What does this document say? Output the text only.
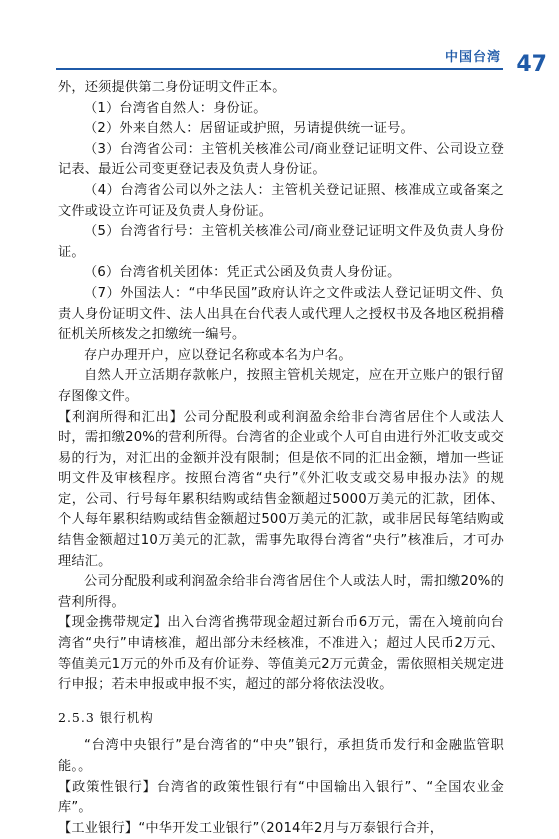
中国台湾 47

外，还须提供第二身份证明文件正本。

（1）台湾省自然人：身份证。

（2）外来自然人：居留证或护照，另请提供统一证号。

（3）台湾省公司：主管机关核准公司/商业登记证明文件、公司设立登记表、最近公司变更登记表及负责人身份证。

（4）台湾省公司以外之法人：主管机关登记证照、核准成立或备案之文件或设立许可证及负责人身份证。

（5）台湾省行号：主管机关核准公司/商业登记证明文件及负责人身份证。

（6）台湾省机关团体：凭正式公函及负责人身份证。

（7）外国法人：“中华民国”政府认许之文件或法人登记证明文件、负责人身份证明文件、法人出具在台代表人或代理人之授权书及各地区税捐稽征机关所核发之扣缴统一编号。

存户办理开户，应以登记名称或本名为户名。

自然人开立活期存款帐户，按照主管机关规定，应在开立账户的银行留存图像文件。

【利润所得和汇出】公司分配股利或利润盈余给非台湾省居住个人或法人时，需扣缴20%的营利所得。台湾省的企业或个人可自由进行外汇收支或交易的行为，对汇出的金额并没有限制；但是依不同的汇出金额，增加一些证明文件及审核程序。按照台湾省“央行”《外汇收支或交易申报办法》的规定，公司、行号每年累积结购或结售金额超过5000万美元的汇款，团体、个人每年累积结购或结售金额超过500万美元的汇款，或非居民每笔结购或结售金额超过10万美元的汇款，需事先取得台湾省“央行”核准后，才可办理结汇。

公司分配股利或利润盈余给非台湾省居住个人或法人时，需扣缴20%的营利所得。

【现金携带规定】出入台湾省携带现金超过新台币6万元，需在入境前向台湾省“央行”申请核准，超出部分未经核准，不准进入；超过人民币2万元、等值美元1万元的外币及有价证券、等值美元2万元黄金，需依照相关规定进行申报；若未申报或申报不实，超过的部分将依法没收。

2.5.3 银行机构

“台湾中央银行”是台湾省的“中央”银行，承担货币发行和金融监管职能。。

【政策性银行】台湾省的政策性银行有“中国输出入银行”、“全国农业金库”。

【工业银行】“中华开发工业银行”（2014年2月与万泰银行合并，
